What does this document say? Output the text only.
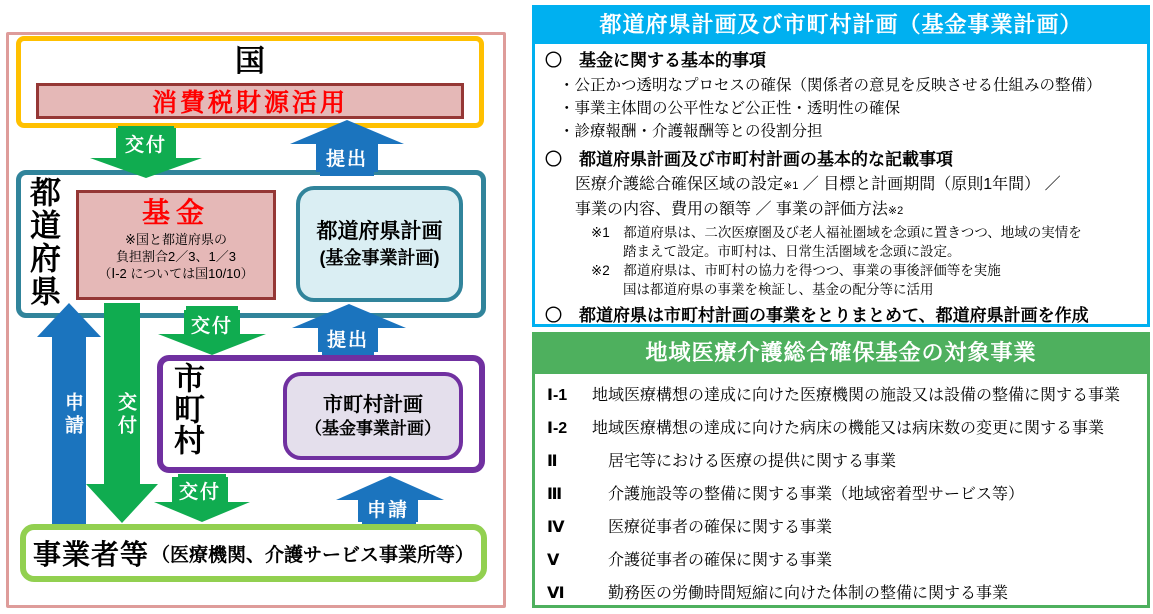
国
消費税財源活用
都道府県	基金
※国と都道府県の
負担割合2／3、1／3
（Ⅰ-2 については国10/10）
都道府県計画
(基金事業計画)
市町村	市町村計画
（基金事業計画）
事業者等 （医療機関、介護サービス事業所等）
交付
提出
交付
提出
交付
申請
申請 交付
都道府県計画及び市町村計画（基金事業計画）
〇　基金に関する基本的事項
・公正かつ透明なプロセスの確保（関係者の意見を反映させる仕組みの整備）
・事業主体間の公平性など公正性・透明性の確保
・診療報酬・介護報酬等との役割分担
〇　都道府県計画及び市町村計画の基本的な記載事項
医療介護総合確保区域の設定※1 ／ 目標と計画期間（原則1年間） ／
事業の内容、費用の額等 ／ 事業の評価方法※2
※1　都道府県は、二次医療圏及び老人福祉圏域を念頭に置きつつ、地域の実情を
踏まえて設定。市町村は、日常生活圏域を念頭に設定。
※2　都道府県は、市町村の協力を得つつ、事業の事後評価等を実施
国は都道府県の事業を検証し、基金の配分等に活用
〇　都道府県は市町村計画の事業をとりまとめて、都道府県計画を作成
地域医療介護総合確保基金の対象事業
Ⅰ-1	地域医療構想の達成に向けた医療機関の施設又は設備の整備に関する事業
Ⅰ-2	地域医療構想の達成に向けた病床の機能又は病床数の変更に関する事業
Ⅱ	居宅等における医療の提供に関する事業
Ⅲ	介護施設等の整備に関する事業（地域密着型サービス等）
Ⅳ	医療従事者の確保に関する事業
Ⅴ	介護従事者の確保に関する事業
Ⅵ	勤務医の労働時間短縮に向けた体制の整備に関する事業
